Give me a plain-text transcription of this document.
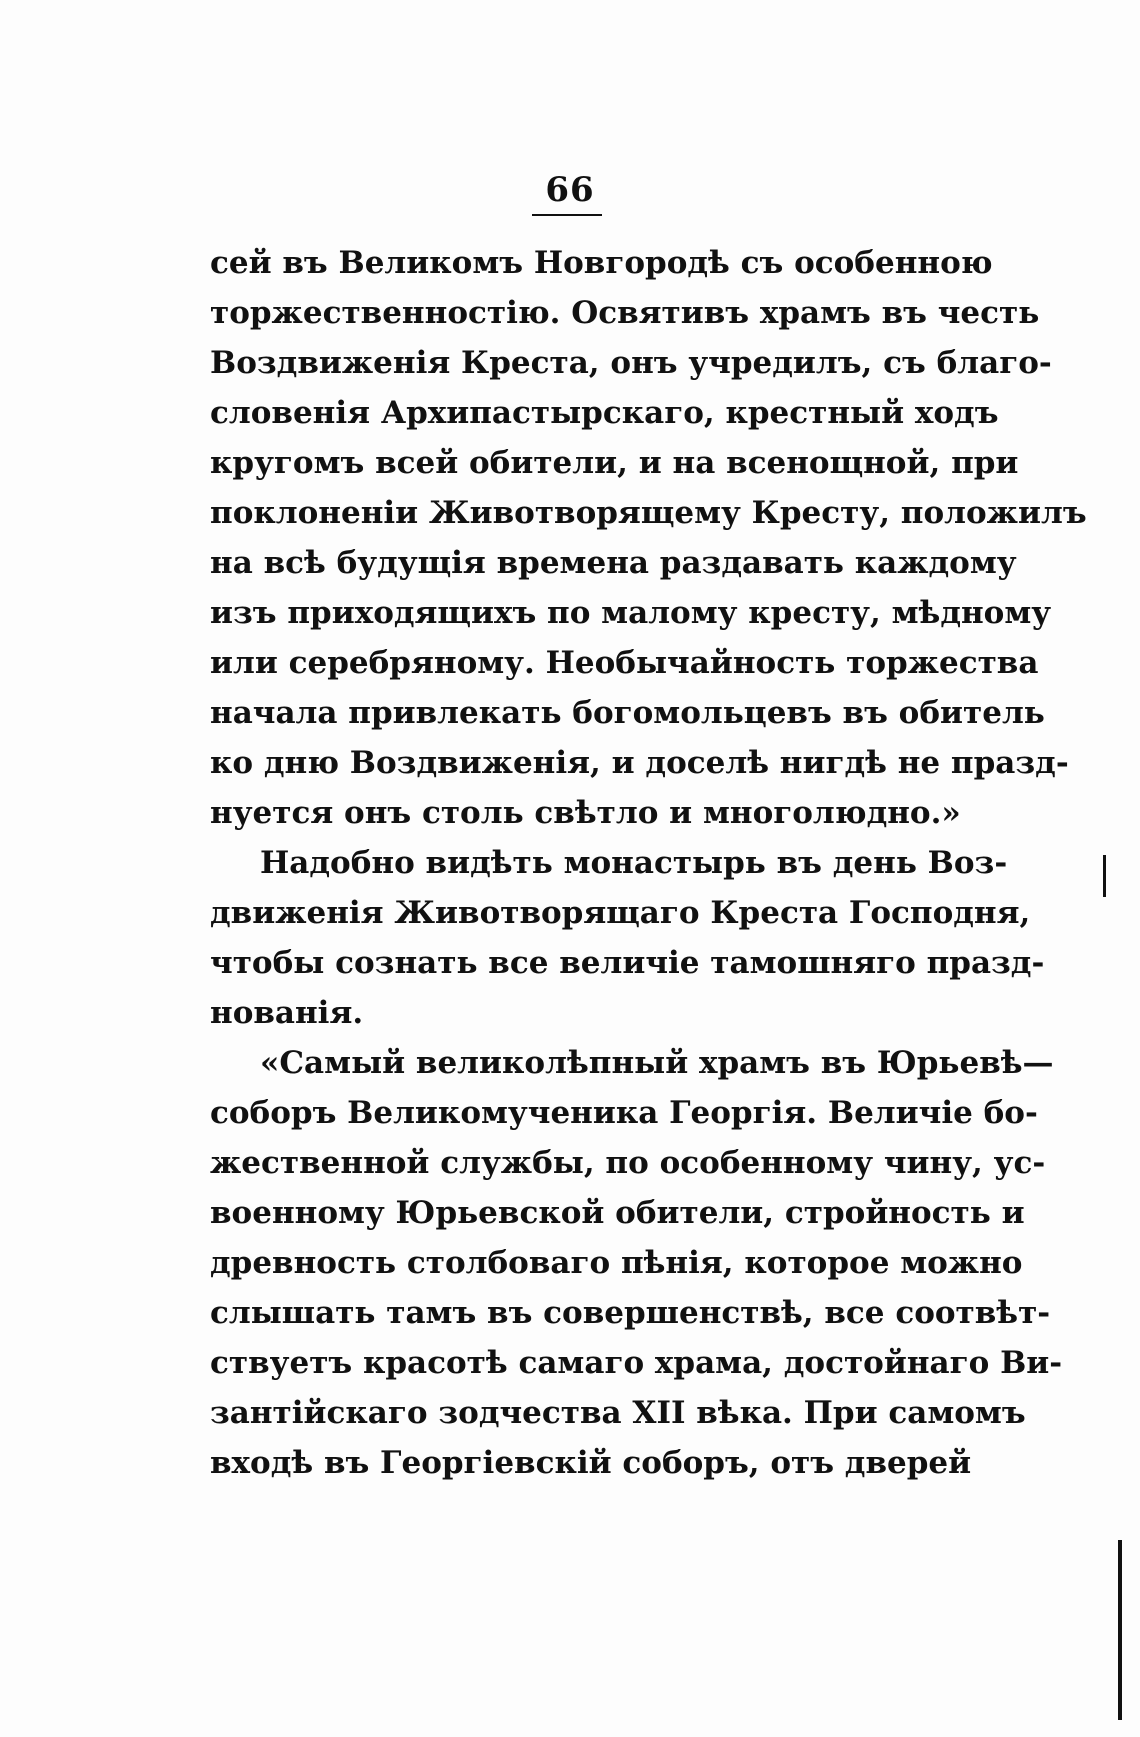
66
сей въ Великомъ Новгородѣ съ особенною
торжественностiю. Освятивъ храмъ въ честь
Воздвиженiя Креста, онъ учредилъ, съ благо-
словенiя Архипастырскаго, крестный ходъ
кругомъ всей обители, и на всенощной, при
поклоненiи Животворящему Кресту, положилъ
на всѣ будущiя времена раздавать каждому
изъ приходящихъ по малому кресту, мѣдному
или серебряному. Необычайность торжества
начала привлекать богомольцевъ въ обитель
ко дню Воздвиженiя, и доселѣ нигдѣ не празд-
нуется онъ столь свѣтло и многолюдно.»
Надобно видѣть монастырь въ день Воз-
движенiя Животворящаго Креста Господня,
чтобы сознать все величiе тамошняго празд-
нованiя.
«Самый великолѣпный храмъ въ Юрьевѣ—
соборъ Великомученика Георгiя. Величiе бо-
жественной службы, по особенному чину, ус-
военному Юрьевской обители, стройность и
древность столбоваго пѣнiя, которое можно
слышать тамъ въ совершенствѣ, все соотвѣт-
ствуетъ красотѣ самаго храма, достойнаго Ви-
зантiйскаго зодчества XII вѣка. При самомъ
входѣ въ Георгiевскiй соборъ, отъ дверей
